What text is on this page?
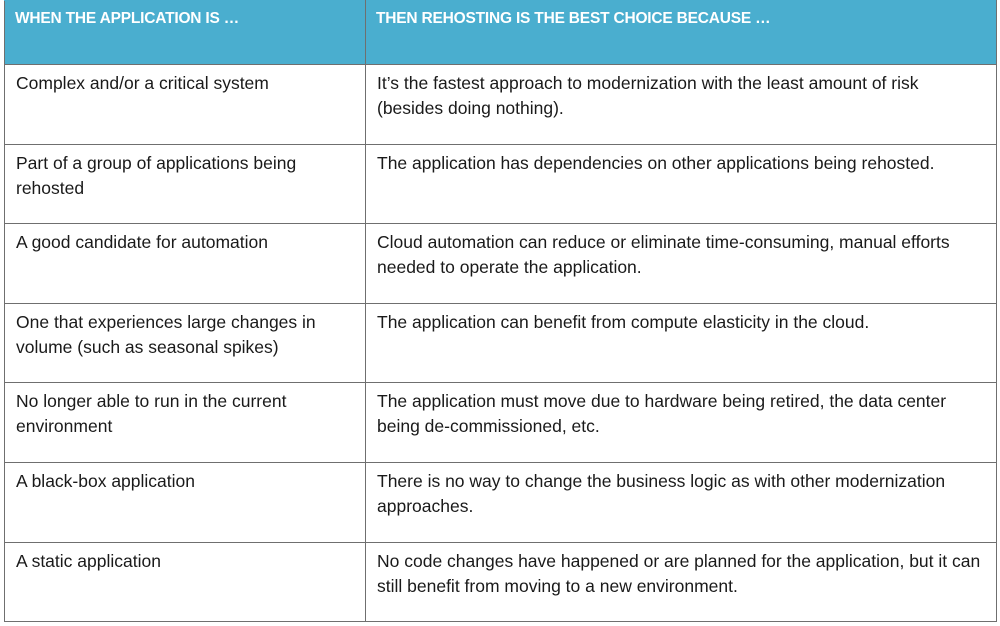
WHEN THE APPLICATION IS …	THEN REHOSTING IS THE BEST CHOICE BECAUSE …
Complex and/or a critical system	It’s the fastest approach to modernization with the least amount of risk (besides doing nothing).
Part of a group of applications being rehosted	The application has dependencies on other applications being rehosted.
A good candidate for automation	Cloud automation can reduce or eliminate time-consuming, manual efforts needed to operate the application.
One that experiences large changes in volume (such as seasonal spikes)	The application can benefit from compute elasticity in the cloud.
No longer able to run in the current environment	The application must move due to hardware being retired, the data center being de-commissioned, etc.
A black-box application	There is no way to change the business logic as with other modernization approaches.
A static application	No code changes have happened or are planned for the application, but it can still benefit from moving to a new environment.
